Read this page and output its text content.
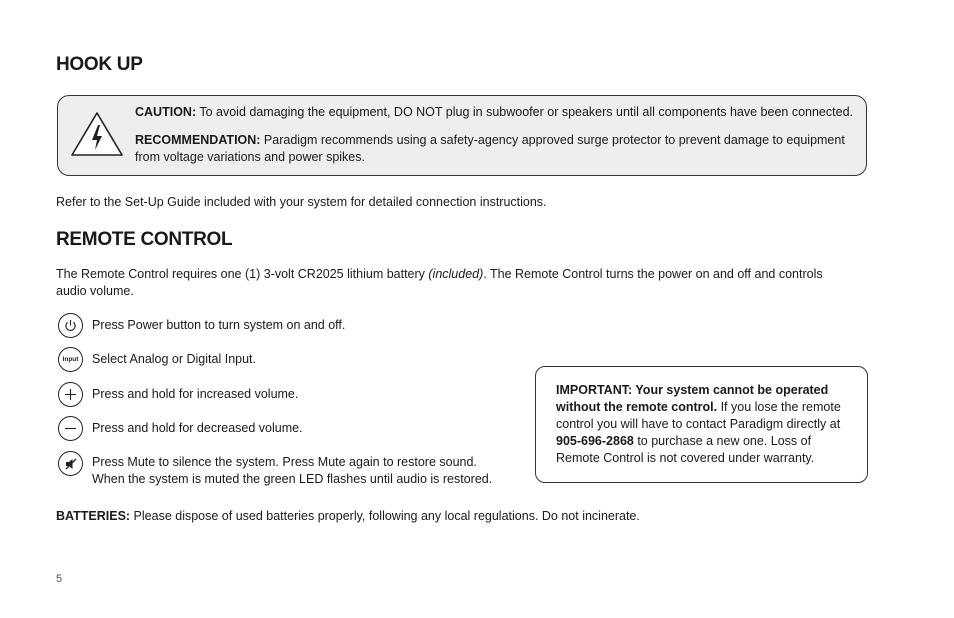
HOOK UP
CAUTION: To avoid damaging the equipment, DO NOT plug in subwoofer or speakers until all components have been connected.
RECOMMENDATION: Paradigm recommends using a safety-agency approved surge protector to prevent damage to equipment from voltage variations and power spikes.
Refer to the Set-Up Guide included with your system for detailed connection instructions.
REMOTE CONTROL
The Remote Control requires one (1) 3-volt CR2025 lithium battery (included). The Remote Control turns the power on and off and controls audio volume.
Press Power button to turn system on and off.
Input Select Analog or Digital Input.
Press and hold for increased volume.
Press and hold for decreased volume.
Press Mute to silence the system. Press Mute again to restore sound.
When the system is muted the green LED flashes until audio is restored.
IMPORTANT: Your system cannot be operated without the remote control. If you lose the remote control you will have to contact Paradigm directly at 905-696-2868 to purchase a new one. Loss of Remote Control is not covered under warranty.
BATTERIES: Please dispose of used batteries properly, following any local regulations. Do not incinerate.
5
